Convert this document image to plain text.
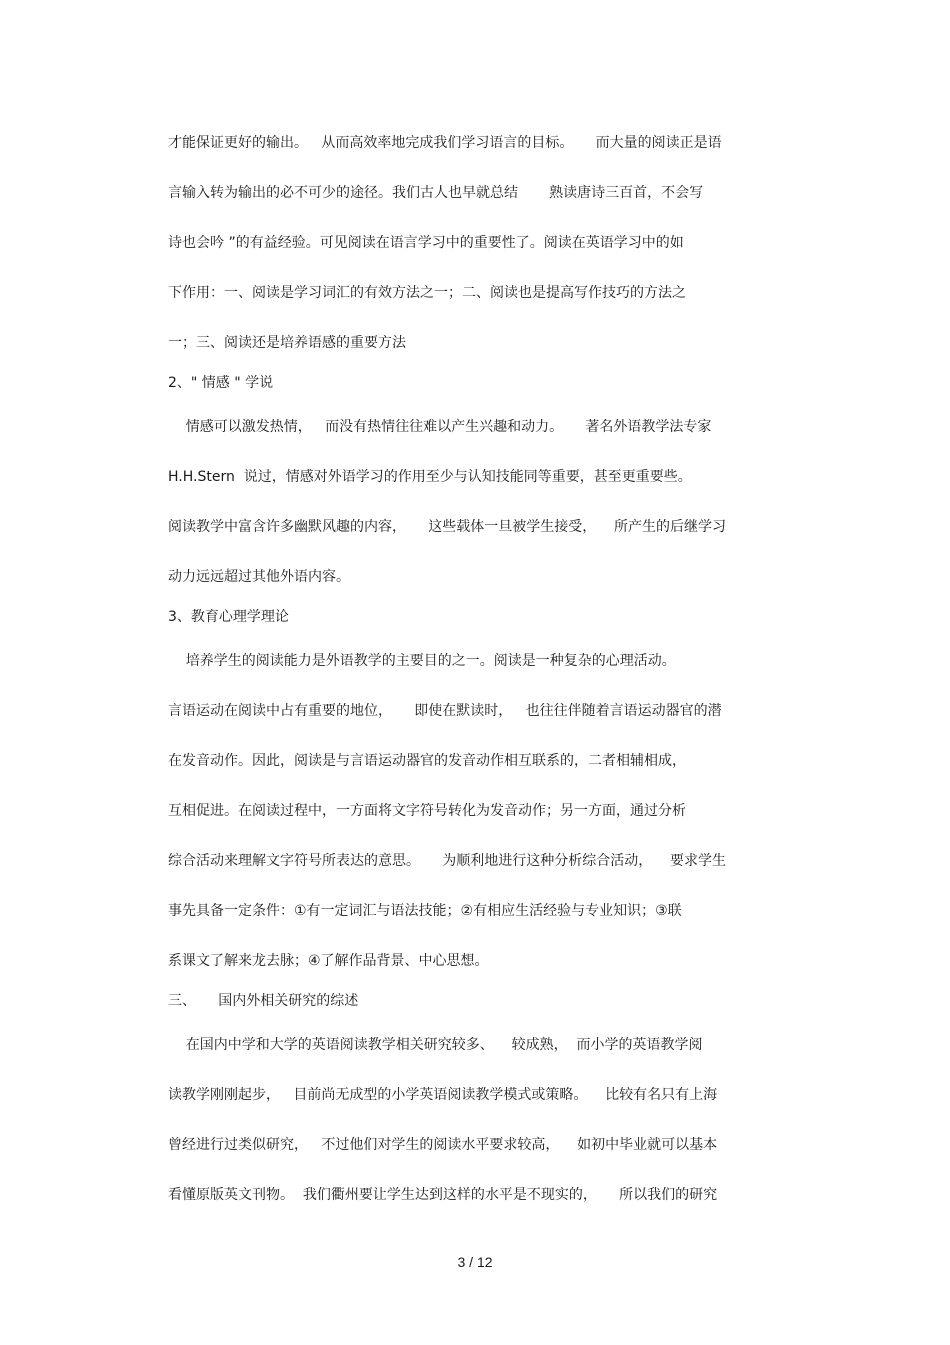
才能保证更好的输出。   从而高效率地完成我们学习语言的目标。     而大量的阅读正是语

言输入转为输出的必不可少的途径。我们古人也早就总结       熟读唐诗三百首，不会写

诗也会吟 ”的有益经验。可见阅读在语言学习中的重要性了。阅读在英语学习中的如

下作用：一、阅读是学习词汇的有效方法之一；二、阅读也是提高写作技巧的方法之

一；三、阅读还是培养语感的重要方法

2、" 情感 " 学说

情感可以激发热情，   而没有热情往往难以产生兴趣和动力。     著名外语教学法专家

H.H.Stern  说过，情感对外语学习的作用至少与认知技能同等重要，甚至更重要些。

阅读教学中富含许多幽默风趣的内容，     这些载体一旦被学生接受，    所产生的后继学习

动力远远超过其他外语内容。

3、教育心理学理论

培养学生的阅读能力是外语教学的主要目的之一。阅读是一种复杂的心理活动。

言语运动在阅读中占有重要的地位，     即使在默读时，   也往往伴随着言语运动器官的潜

在发音动作。因此，阅读是与言语运动器官的发音动作相互联系的，二者相辅相成，

互相促进。在阅读过程中，一方面将文字符号转化为发音动作；另一方面，通过分析

综合活动来理解文字符号所表达的意思。     为顺利地进行这种分析综合活动，    要求学生

事先具备一定条件：①有一定词汇与语法技能；②有相应生活经验与专业知识；③联

系课文了解来龙去脉；④了解作品背景、中心思想。

三、     国内外相关研究的综述

在国内中学和大学的英语阅读教学相关研究较多、    较成熟，  而小学的英语教学阅

读教学刚刚起步，   目前尚无成型的小学英语阅读教学模式或策略。    比较有名只有上海

曾经进行过类似研究，   不过他们对学生的阅读水平要求较高，    如初中毕业就可以基本

看懂原版英文刊物。  我们衢州要让学生达到这样的水平是不现实的，     所以我们的研究

3 / 12
